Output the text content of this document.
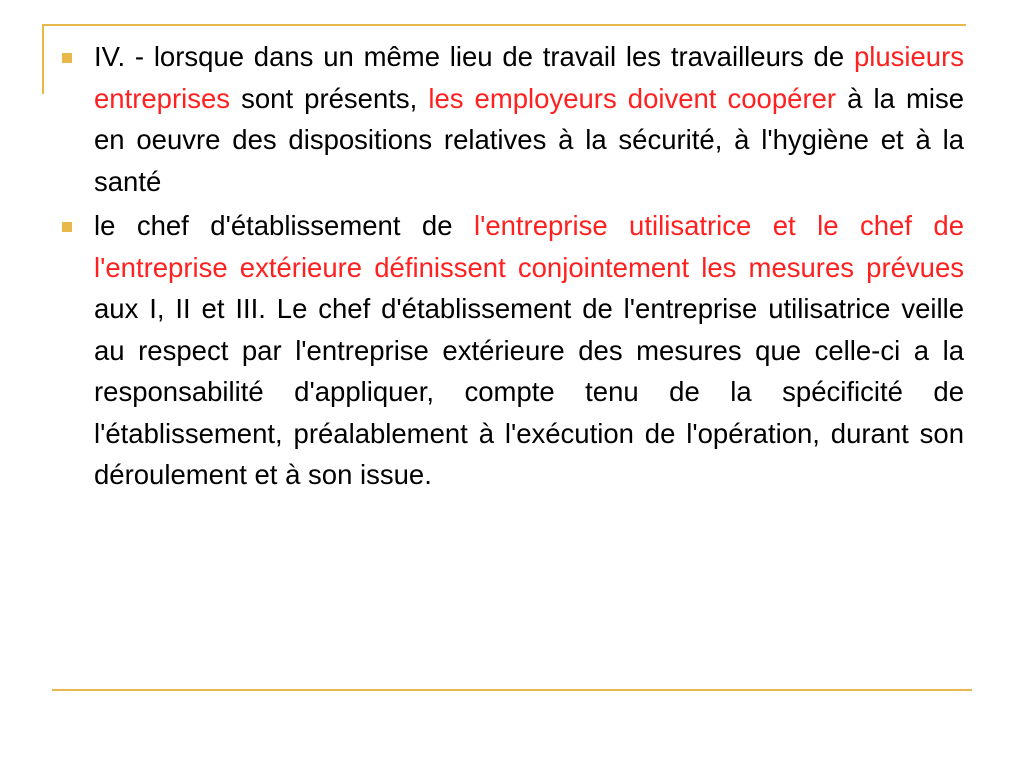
IV. - lorsque dans un même lieu de travail les travailleurs de plusieurs entreprises sont présents, les employeurs doivent coopérer à la mise en oeuvre des dispositions relatives à la sécurité, à l'hygiène et à la santé
le chef d'établissement de l'entreprise utilisatrice et le chef de l'entreprise extérieure définissent conjointement les mesures prévues aux I, II et III. Le chef d'établissement de l'entreprise utilisatrice veille au respect par l'entreprise extérieure des mesures que celle-ci a la responsabilité d'appliquer, compte tenu de la spécificité de l'établissement, préalablement à l'exécution de l'opération, durant son déroulement et à son issue.
